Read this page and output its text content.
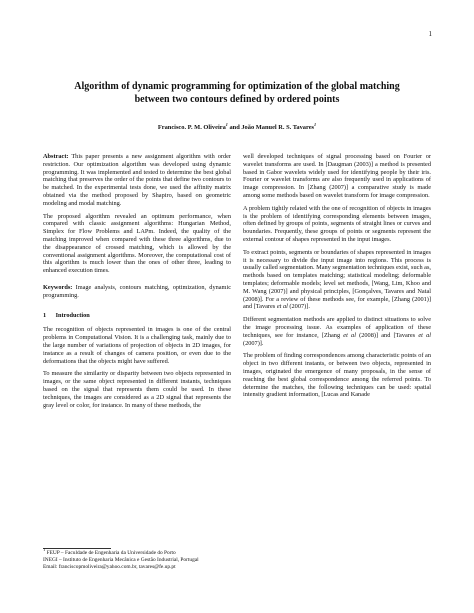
1
Algorithm of dynamic programming for optimization of the global matching
between two contours defined by ordered points
Francisco. P. M. Oliveira$^1$ and João Manuel R. S. Tavares$^1$

Abstract: This paper presents a new assignment algorithm with order restriction. Our optimization algorithm was developed using dynamic programming. It was implemented and tested to determine the best global matching that preserves the order of the points that define two contours to be matched. In the experimental tests done, we used the affinity matrix obtained via the method proposed by Shapiro, based on geometric modeling and modal matching.

The proposed algorithm revealed an optimum performance, when compared with classic assignment algorithms: Hungarian Method, Simplex for Flow Problems and LAPm. Indeed, the quality of the matching improved when compared with these three algorithms, due to the disappearance of crossed matching, which is allowed by the conventional assignment algorithms. Moreover, the computational cost of this algorithm is much lower than the ones of other three, leading to enhanced execution times.

Keywords: Image analysis, contours matching, optimization, dynamic programming.

1      Introduction

The recognition of objects represented in images is one of the central problems in Computational Vision. It is a challenging task, mainly due to the large number of variations of projection of objects in 2D images, for instance as a result of changes of camera position, or even due to the deformations that the objects might have suffered.

To measure the similarity or disparity between two objects represented in images, or the same object represented in different instants, techniques based on the signal that represents them could be used. In these techniques, the images are considered as a 2D signal that represents the gray level or color, for instance. In many of these methods, the

well developed techniques of signal processing based on Fourier or wavelet transforms are used. In [Daugman (2003)] a method is presented based in Gabor wavelets widely used for identifying people by their iris. Fourier or wavelet transforms are also frequently used in applications of image compression. In [Zhang (2007)] a comparative study is made among some methods based on wavelet transform for image compression.

A problem tightly related with the one of recognition of objects in images is the problem of identifying corresponding elements between images, often defined by groups of points, segments of straight lines or curves and boundaries. Frequently, these groups of points or segments represent the external contour of shapes represented in the input images.

To extract points, segments or boundaries of shapes represented in images it is necessary to divide the input image into regions. This process is usually called segmentation. Many segmentation techniques exist, such as, methods based on templates matching; statistical modeling; deformable templates; deformable models; level set methods, [Wang, Lim, Khoo and M. Wang (2007)] and physical principles, [Gonçalves, Tavares and Natal (2008)]. For a review of these methods see, for example, [Zhang (2001)] and [Tavares et al (2007)].

Different segmentation methods are applied to distinct situations to solve the image processing issue. As examples of application of these techniques, see for instance, [Zhang et al (2008)] and [Tavares et al (2007)].

The problem of finding correspondences among characteristic points of an object in two different instants, or between two objects, represented in images, originated the emergence of many proposals, in the sense of reaching the best global correspondence among the referred points. To determine the matches, the following techniques can be used: spatial intensity gradient information, [Lucas and Kanade

$^1$ FEUP – Faculdade de Engenharia da Universidade do Porto
INEGI – Instituto de Engenharia Mecânica e Gestão Industrial, Portugal
Email: franciscopmoliveira@yahoo.com.br, tavares@fe.up.pt
